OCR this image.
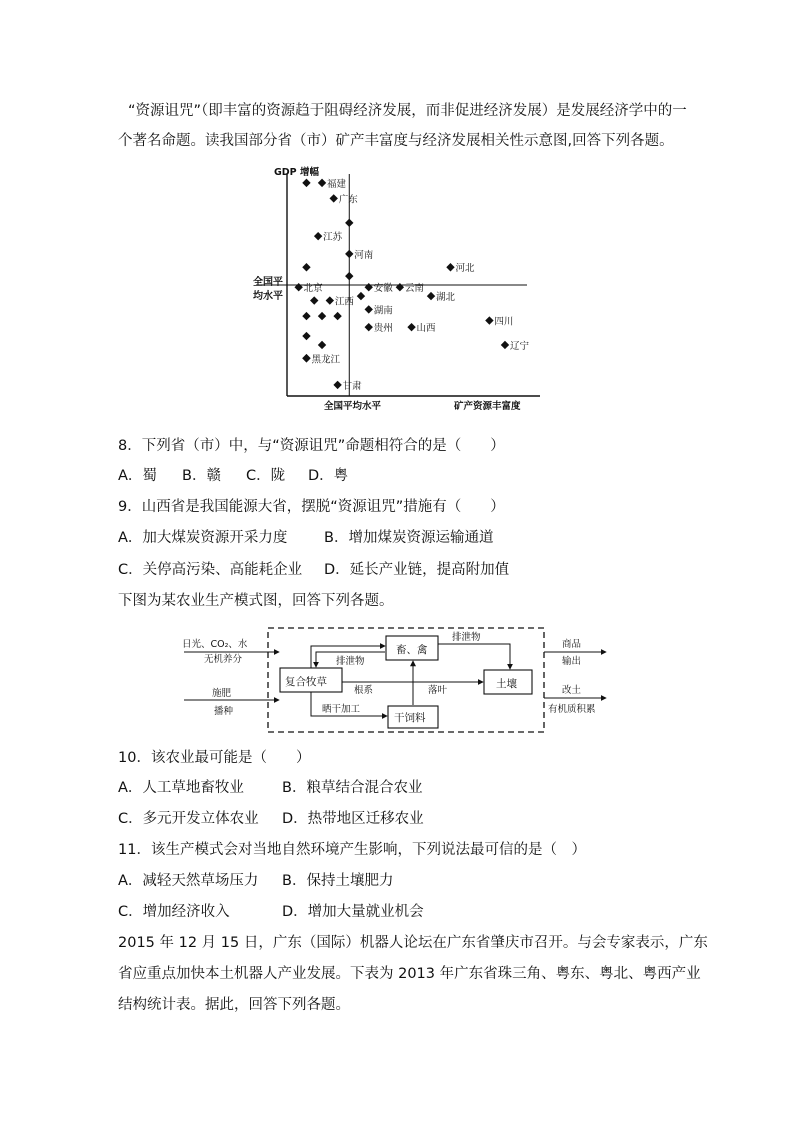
“资源诅咒”（即丰富的资源趋于阻碍经济发展，而非促进经济发展）是发展经济学中的一
个著名命题。读我国部分省（市）矿产丰富度与经济发展相关性示意图,回答下列各题。
GDP 增幅
全国平
均水平
全国平均水平	矿产资源丰富度
福建
广东
江苏
河南
河北
安徽 云南
北京
江西	湖北
湖南
山西
贵州
四川
辽宁
黑龙江
甘肃
8．下列省（市）中，与“资源诅咒”命题相符合的是（　　）
A．蜀 B．赣 C．陇 D．粤
9．山西省是我国能源大省，摆脱“资源诅咒”措施有（　　）
A．加大煤炭资源开采力度	B．增加煤炭资源运输通道
C．关停高污染、高能耗企业 D．延长产业链，提高附加值
下图为某农业生产模式图，回答下列各题。
复合牧草
畜、禽
土壤
干饲料
日光、CO₂、水
无机养分
施肥
播种
排泄物
排泄物
根系	落叶
晒干加工
商品
输出
改土
有机质积累
10．该农业最可能是（　　）
A．人工草地畜牧业	B．粮草结合混合农业
C．多元开发立体农业 D．热带地区迁移农业
11．该生产模式会对当地自然环境产生影响，下列说法最可信的是（　）
A．减轻天然草场压力 B．保持土壤肥力
C．增加经济收入	D．增加大量就业机会
2015 年 12 月 15 日，广东（国际）机器人论坛在广东省肇庆市召开。与会专家表示，广东
省应重点加快本土机器人产业发展。下表为 2013 年广东省珠三角、粤东、粤北、粤西产业
结构统计表。据此，回答下列各题。
